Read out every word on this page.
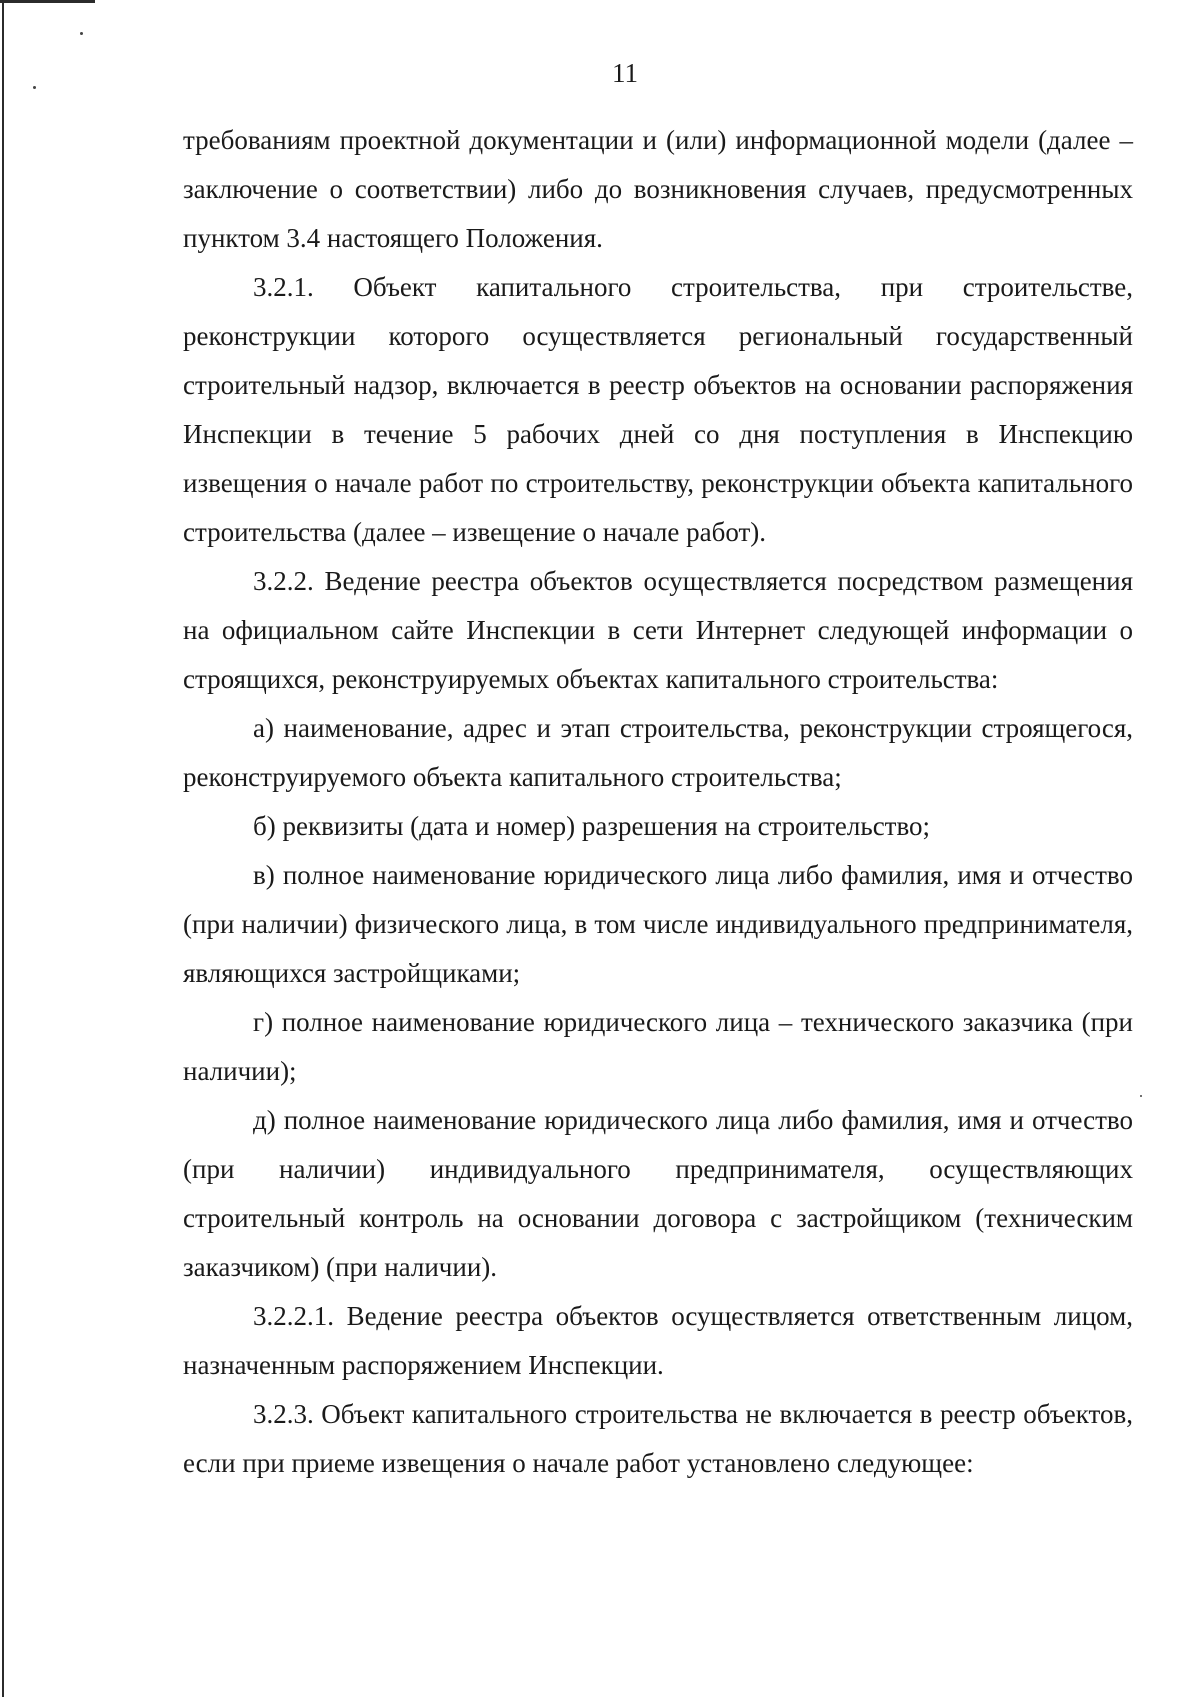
11

требованиям проектной документации и (или) информационной модели (далее – заключение о соответствии) либо до возникновения случаев, предусмотренных пунктом 3.4 настоящего Положения.

3.2.1. Объект капитального строительства, при строительстве, реконструкции которого осуществляется региональный государственный строительный надзор, включается в реестр объектов на основании распоряжения Инспекции в течение 5 рабочих дней со дня поступления в Инспекцию извещения о начале работ по строительству, реконструкции объекта капитального строительства (далее – извещение о начале работ).

3.2.2. Ведение реестра объектов осуществляется посредством размещения на официальном сайте Инспекции в сети Интернет следующей информации о строящихся, реконструируемых объектах капитального строительства:

а) наименование, адрес и этап строительства, реконструкции строящегося, реконструируемого объекта капитального строительства;

б) реквизиты (дата и номер) разрешения на строительство;

в) полное наименование юридического лица либо фамилия, имя и отчество (при наличии) физического лица, в том числе индивидуального предпринимателя, являющихся застройщиками;

г) полное наименование юридического лица – технического заказчика (при наличии);

д) полное наименование юридического лица либо фамилия, имя и отчество (при наличии) индивидуального предпринимателя, осуществляющих строительный контроль на основании договора с застройщиком (техническим заказчиком) (при наличии).

3.2.2.1. Ведение реестра объектов осуществляется ответственным лицом, назначенным распоряжением Инспекции.

3.2.3. Объект капитального строительства не включается в реестр объектов, если при приеме извещения о начале работ установлено следующее:
